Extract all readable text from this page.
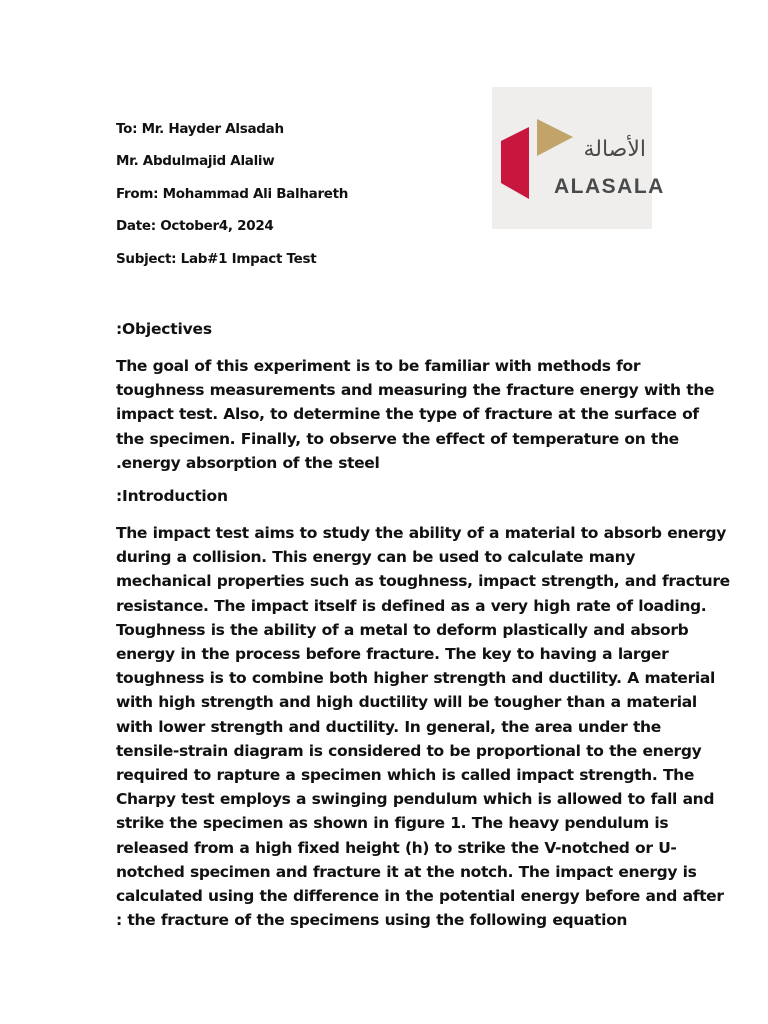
To: Mr. Hayder Alsadah

Mr. Abdulmajid Alaliw

From: Mohammad Ali Balhareth

Date: October4, 2024

Subject: Lab#1 Impact Test

الأصالة
ALASALA
:Objectives
The goal of this experiment is to be familiar with methods for
toughness measurements and measuring the fracture energy with the
impact test. Also, to determine the type of fracture at the surface of
the specimen. Finally, to observe the effect of temperature on the
.energy absorption of the steel
:Introduction
The impact test aims to study the ability of a material to absorb energy
during a collision. This energy can be used to calculate many
mechanical properties such as toughness, impact strength, and fracture
resistance. The impact itself is defined as a very high rate of loading.
Toughness is the ability of a metal to deform plastically and absorb
energy in the process before fracture. The key to having a larger
toughness is to combine both higher strength and ductility. A material
with high strength and high ductility will be tougher than a material
with lower strength and ductility. In general, the area under the
tensile-strain diagram is considered to be proportional to the energy
required to rapture a specimen which is called impact strength. The
Charpy test employs a swinging pendulum which is allowed to fall and
strike the specimen as shown in figure 1. The heavy pendulum is
released from a high fixed height (h) to strike the V-notched or U-
notched specimen and fracture it at the notch. The impact energy is
calculated using the difference in the potential energy before and after
: the fracture of the specimens using the following equation
